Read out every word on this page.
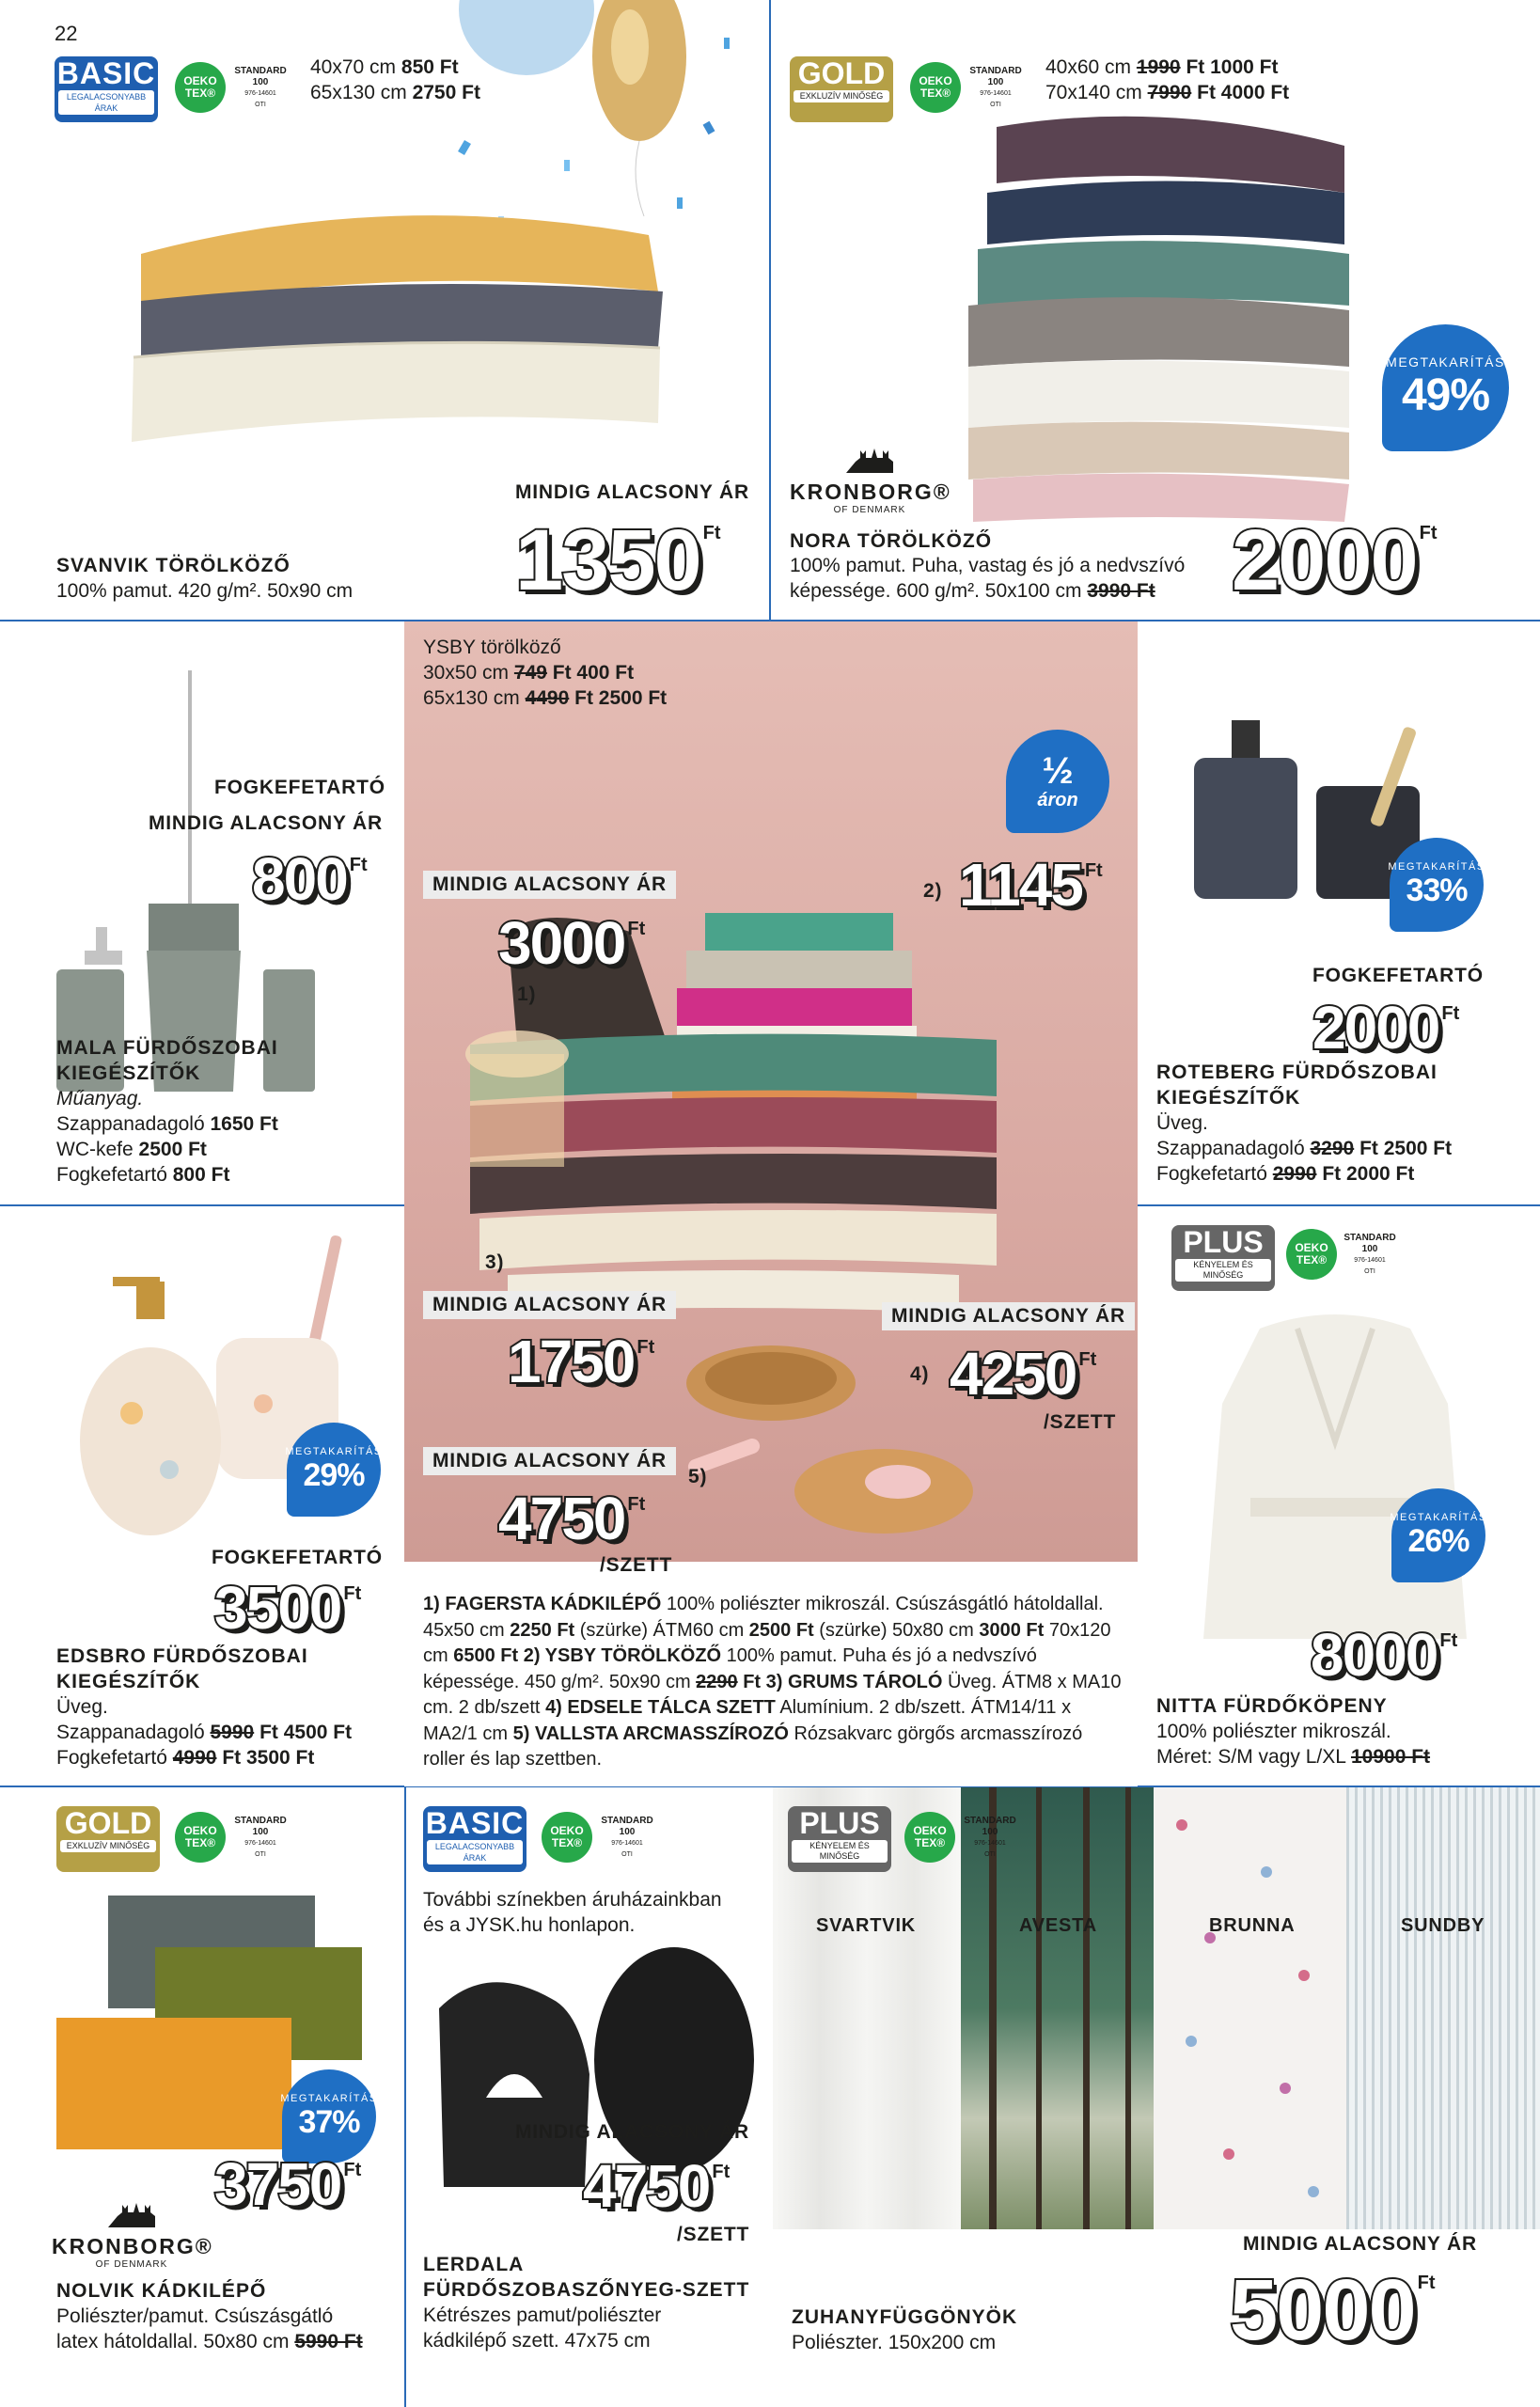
22
BASIC
LEGALACSONYABB ÁRAK
OEKO TEX®
STANDARD
100
976-14601
OTI
40x70 cm 850 Ft
65x130 cm 2750 Ft
MINDIG ALACSONY ÁR
1350 Ft
SVANVIK TÖRÖLKÖZŐ
100% pamut. 420 g/m². 50x90 cm
GOLD
EXKLUZÍV MINŐSÉG
OEKO TEX®
STANDARD
100
976-14601
OTI
40x60 cm 1990 Ft 1000 Ft
70x140 cm 7990 Ft 4000 Ft
MEGTAKARÍTÁS
49%
KRONBORG®
OF DENMARK
NORA TÖRÖLKÖZŐ
100% pamut. Puha, vastag és jó a nedvszívó
képessége. 600 g/m². 50x100 cm 3990 Ft 2000 Ft
FOGKEFETARTÓ
MINDIG ALACSONY ÁR
800 Ft
MALA FÜRDŐSZOBAI
KIEGÉSZÍTŐK
Műanyag.
Szappanadagoló 1650 Ft
WC-kefe 2500 Ft
Fogkefetartó 800 Ft
YSBY törölköző
30x50 cm 749 Ft 400 Ft
65x130 cm 4490 Ft 2500 Ft
½
áron
MINDIG ALACSONY ÁR
3000 Ft
1)
2) 1145 Ft
3)
MINDIG ALACSONY ÁR
1750 Ft
MINDIG ALACSONY ÁR
4) 4250 Ft
/SZETT
MINDIG ALACSONY ÁR
5)
4750 Ft
/SZETT
1) FAGERSTA KÁDKILÉPŐ 100% poliészter mikroszál. Csúszásgátló hátoldallal. 45x50 cm 2250 Ft (szürke) ÁTM60 cm 2500 Ft (szürke) 50x80 cm 3000 Ft 70x120 cm 6500 Ft 2) YSBY TÖRÖLKÖZŐ 100% pamut. Puha és jó a nedvszívó képessége. 450 g/m². 50x90 cm 2290 Ft 3) GRUMS TÁROLÓ Üveg. ÁTM8 x MA10 cm. 2 db/szett 4) EDSELE TÁLCA SZETT Alumínium. 2 db/szett. ÁTM14/11 x MA2/1 cm 5) VALLSTA ARCMASSZÍROZÓ Rózsakvarc görgős arcmasszírozó roller és lap szettben.
MEGTAKARÍTÁS
33%
FOGKEFETARTÓ
2000 Ft
ROTEBERG FÜRDŐSZOBAI
KIEGÉSZÍTŐK
Üveg.
Szappanadagoló 3290 Ft 2500 Ft
Fogkefetartó 2990 Ft 2000 Ft
MEGTAKARÍTÁS
29%
FOGKEFETARTÓ
3500 Ft
EDSBRO FÜRDŐSZOBAI
KIEGÉSZÍTŐK
Üveg.
Szappanadagoló 5990 Ft 4500 Ft
Fogkefetartó 4990 Ft 3500 Ft
PLUS
KÉNYELEM ÉS MINŐSÉG
OEKO TEX®
STANDARD
100
976-14601
OTI
MEGTAKARÍTÁS
26%
8000 Ft
NITTA FÜRDŐKÖPENY
100% poliészter mikroszál.
Méret: S/M vagy L/XL 10900 Ft
GOLD
EXKLUZÍV MINŐSÉG
OEKO TEX®
STANDARD
100
976-14601
OTI
MEGTAKARÍTÁS
37%
3750 Ft
KRONBORG®
OF DENMARK
NOLVIK KÁDKILÉPŐ
Poliészter/pamut. Csúszásgátló
latex hátoldallal. 50x80 cm 5990 Ft
BASIC
LEGALACSONYABB ÁRAK
OEKO TEX®
STANDARD
100
976-14601
OTI
További színekben áruházainkban
és a JYSK.hu honlapon.
MINDIG ALACSONY ÁR
4750 Ft
/SZETT
LERDALA
FÜRDŐSZOBASZŐNYEG-SZETT
Kétrészes pamut/poliészter
kádkilépő szett. 47x75 cm
PLUS
KÉNYELEM ÉS MINŐSÉG
OEKO TEX®
STANDARD
100
976-14601
OTI
SVARTVIK	AVESTA	BRUNNA	SUNDBY
MINDIG ALACSONY ÁR
ZUHANYFÜGGÖNYÖK
Poliészter. 150x200 cm	5000 Ft
